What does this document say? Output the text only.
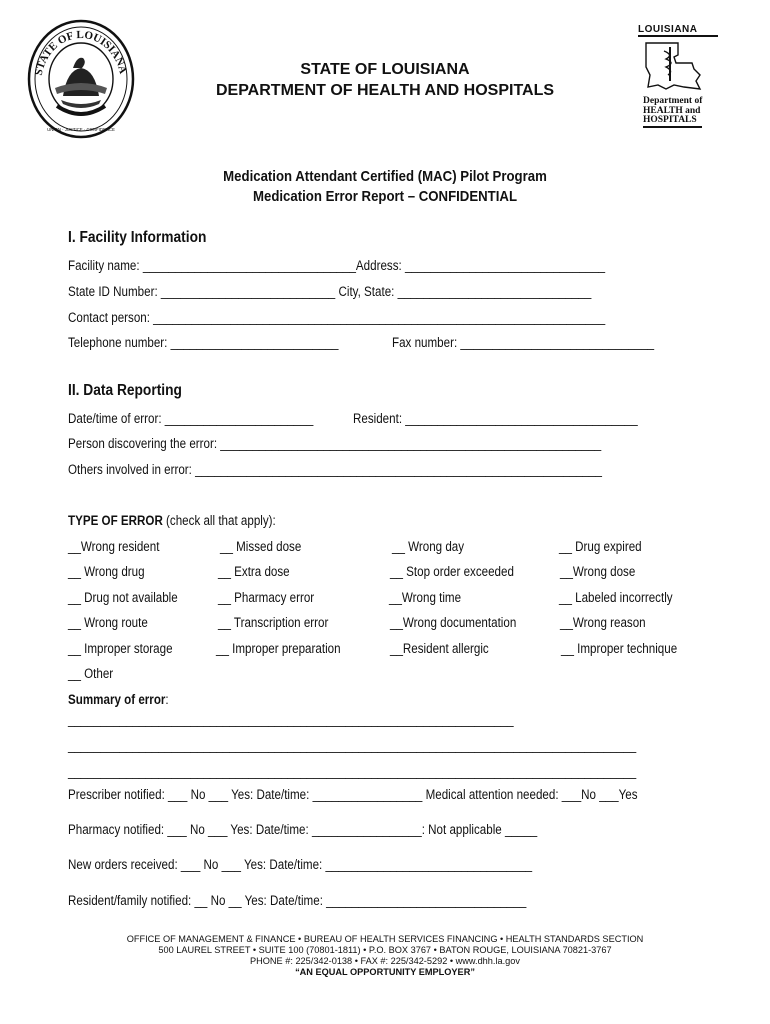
STATE OF LOUISIANA
UNION · JUSTICE · CONFIDENCE
LOUISIANA
Department of
HEALTH and
HOSPITALS
STATE OF LOUISIANA
DEPARTMENT OF HEALTH AND HOSPITALS
Medication Attendant Certified (MAC) Pilot Program
Medication Error Report – CONFIDENTIAL
I. Facility Information
Facility name: _________________________________Address: _______________________________
State ID Number: ___________________________ City, State: ______________________________
Contact person: ______________________________________________________________________
Telephone number: __________________________	Fax number: ______________________________
II. Data Reporting
Date/time of error: _______________________	Resident: ____________________________________
Person discovering the error: ___________________________________________________________
Others involved in error: _______________________________________________________________
TYPE OF ERROR (check all that apply):
__Wrong resident
__ Wrong drug
__ Drug not available
__ Wrong route
__ Improper storage
__ Other
__ Missed dose
__ Extra dose
__ Pharmacy error
__ Transcription error
__ Improper preparation
__ Wrong day
__ Stop order exceeded
__Wrong time
__Wrong documentation
__Resident allergic
__ Drug expired
__Wrong dose
__ Labeled incorrectly
__Wrong reason
__ Improper technique
Summary of error:
_____________________________________________________________________
________________________________________________________________________________________
________________________________________________________________________________________
Prescriber notified: ___ No ___ Yes: Date/time: _________________ Medical attention needed: ___No ___Yes
Pharmacy notified: ___ No ___ Yes: Date/time: _________________: Not applicable _____
New orders received: ___ No ___ Yes: Date/time: ________________________________
Resident/family notified: __ No __ Yes: Date/time: _______________________________
OFFICE OF MANAGEMENT & FINANCE • BUREAU OF HEALTH SERVICES FINANCING • HEALTH STANDARDS SECTION
500 LAUREL STREET • SUITE 100 (70801-1811) • P.O. BOX 3767 • BATON ROUGE, LOUISIANA 70821-3767
PHONE #: 225/342-0138 • FAX #: 225/342-5292 • www.dhh.la.gov
“AN EQUAL OPPORTUNITY EMPLOYER”
